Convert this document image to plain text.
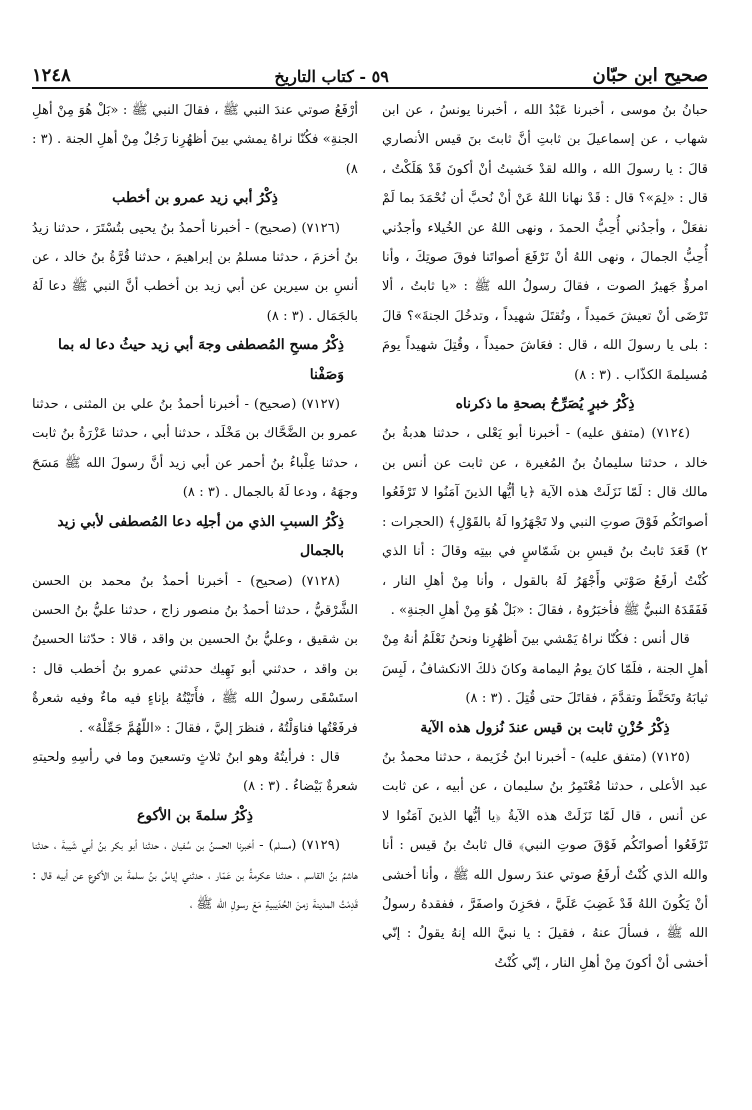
صحيح ابن حبّان
٥٩ - كتاب التاريخ
١٢٤٨

حبانُ بنُ موسى ، أخبرنا عَبْدُ الله ، أخبرنا يونسُ ، عن ابن شهاب ، عن إسماعيلَ بن ثابتِ أنَّ ثابتَ بنَ قيس الأنصاري قالَ : يا رسولَ الله ، والله لقدْ خَشيتُ أنْ أكونَ قَدْ هَلَكْتُ ، قال : «لِمَ»؟ قال : قَدْ نهانا اللهُ عَنْ أنْ نُحبَّ أن نُحْمَدَ بما لَمْ نفعَلْ ، وأجدُني أُحِبُّ الحمدَ ، ونهى اللهُ عن الخُيلاء وأجدُني أُحِبُّ الجمالَ ، ونهى اللهُ أنْ نَرْفَعَ أصواتَنا فوقَ صوتِكَ ، وأنا امرؤٌ جَهيرُ الصوت ، فقالَ رسولُ الله ﷺ : «يا ثابتُ ، ألا تَرْضَى أنْ تعيشَ حَميداً ، وتُقتَلَ شهيداً ، وتدخُلَ الجنةَ»؟ قالَ : بلى يا رسولَ الله ، قال : فعَاشَ حميداً ، وقُتِلَ شهيداً يومَ مُسيلمةَ الكذّاب . (٣ : ٨)

ذِكْرُ خبرٍ يُصَرِّحُ بصحةِ ما ذكرناه

(٧١٢٤) (متفق عليه) - أخبرنا أبو يَعْلى ، حدثنا هدبةُ بنُ خالد ، حدثنا سليمانُ بنُ المُغيرة ، عن ثابت عن أنس بن مالك قال : لَمّا نَزَلَتْ هذه الآية ﴿يا أيُّها الذينَ آمَنُوا لا تَرْفَعُوا أصواتَكُم فَوْقَ صوتِ النبي ولا تَجْهَرُوا لَهُ بالقَوْلِ﴾ (الحجرات : ٢) قَعَدَ ثابتُ بنُ قيسِ بن شَمّاسٍ في بيتِه وقالَ : أنا الذي كُنْتُ أرفَعُ صَوْتي وأَجْهَرُ لَهُ بالقول ، وأنا مِنْ أهلِ النار ، فَفَقَدَهُ النبيُّ ﷺ فأخبَرُوهُ ، فقالَ : «بَلْ هُوَ مِنْ أهلِ الجنةِ» .

قال أنس : فكُنّا نراهُ يَمْشي بينَ أظهُرِنا ونحنُ نَعْلَمُ أنهُ مِنْ أهلِ الجنة ، فلَمّا كانَ يومُ اليمامة وكانَ ذلكَ الانكشافُ ، لَبِسَ ثيابَهُ وتَحَنَّطَ وتقدَّمَ ، فقاتَلَ حتى قُتِلَ . (٣ : ٨)

ذِكْرُ حُزْنِ ثابت بن قيس عندَ نُزول هذه الآية

(٧١٢٥) (متفق عليه) - أخبرنا ابنُ خُزَيمة ، حدثنا محمدُ بنُ عبد الأعلى ، حدثنا مُعْتَمِرُ بنُ سليمان ، عن أبيه ، عن ثابت عن أنس ، قال لَمّا نَزَلَتْ هذه الآيةُ ﴿يا أيُّها الذينَ آمَنُوا لا تَرْفَعُوا أصواتَكُم فَوْقَ صوتِ النبي﴾ قال ثابتُ بنُ قيس : أنا والله الذي كُنْتُ أرفَعُ صوتي عندَ رسول الله ﷺ ، وأنا أخشى أنْ يَكُونَ اللهُ قَدْ غَضِبَ عَلَيَّ ، فحَزِنَ واصفَرَّ ، ففقدهُ رسولُ الله ﷺ ، فسألَ عنهُ ، فقيلَ : يا نبيَّ الله إنهُ يقولُ : إنّي أخشى أنْ أكونَ مِنْ أهلِ النار ، إنّي كُنْتُ

أرْفَعُ صوتي عندَ النبي ﷺ ، فقالَ النبي ﷺ : «بَلْ هُوَ مِنْ أهلِ الجنةِ» فكُنّا نراهُ يمشي بينَ أظهُرِنا رَجُلٌ مِنْ أهلِ الجنة . (٣ : ٨)

ذِكْرُ أبي زيد عمرو بن أخطب

(٧١٢٦) (صحيح) - أخبرنا أحمدُ بنُ يحيى بتُسْتَرَ ، حدثنا زيدُ بنُ أخزمَ ، حدثنا مسلمُ بن إبراهيمَ ، حدثنا قُرَّةُ بنُ خالد ، عن أنسِ بن سيرين عن أبي زيد بن أخطب أنَّ النبي ﷺ دعا لَهُ بالجَمَال . (٣ : ٨)

ذِكْرُ مسحِ المُصطفى وجهَ أبي زيد حيثُ دعا له بما وَصَفْنا

(٧١٢٧) (صحيح) - أخبرنا أحمدُ بنُ علي بن المثنى ، حدثنا عمرو بن الضَّحَّاك بن مَخْلَد ، حدثنا أبي ، حدثنا عَزْرَةُ بنُ ثابت ، حدثنا عِلْباءُ بنُ أحمر عن أبي زيد أنَّ رسولَ الله ﷺ مَسَحَ وجهَهُ ، ودعا لَهُ بالجمال . (٣ : ٨)

ذِكْرُ السببِ الذي من أجلِه دعا المُصطفى لأبي زيد بالجمال

(٧١٢٨) (صحيح) - أخبرنا أحمدُ بنُ محمد بن الحسن الشَّرْقيُّ ، حدثنا أحمدُ بنُ منصور زاج ، حدثنا عليُّ بنُ الحسن بن شقيق ، وعليُّ بنُ الحسين بن واقد ، قالا : حدّثنا الحسينُ بن واقد ، حدثني أبو نَهِيك حدثني عمرو بنُ أخطب قال : استَسْقَى رسولُ الله ﷺ ، فأَتَيْتُهُ بإناءٍ فيه ماءٌ وفيه شعرةٌ فرفَعْتُها فناوَلْتُهُ ، فنظرَ إليَّ ، فقالَ : «اللّهُمَّ جَمِّلْهُ» .

قال : فرأيتُهُ وهو ابنُ ثلاثٍ وتسعينَ وما في رأسِهِ ولحيتهِ شعرةٌ بَيْضاءُ . (٣ : ٨)

ذِكْرُ سلمةَ بن الأكوع

(٧١٢٩) (مسلم) - أخبرنا الحسنُ بن سُفيان ، حدثنا أبو بكر بنُ أبي شَيبةَ ، حدثنا هاشمُ بنُ القاسم ، حدثنا عكرمةُ بن عَمّار ، حدثني إياسُ بنُ سلمةَ بن الأكوع عن أبيه قال : قَدِمْتُ المدينةَ زمنَ الحُدَيبيةِ مَعَ رسولِ الله ﷺ ،
